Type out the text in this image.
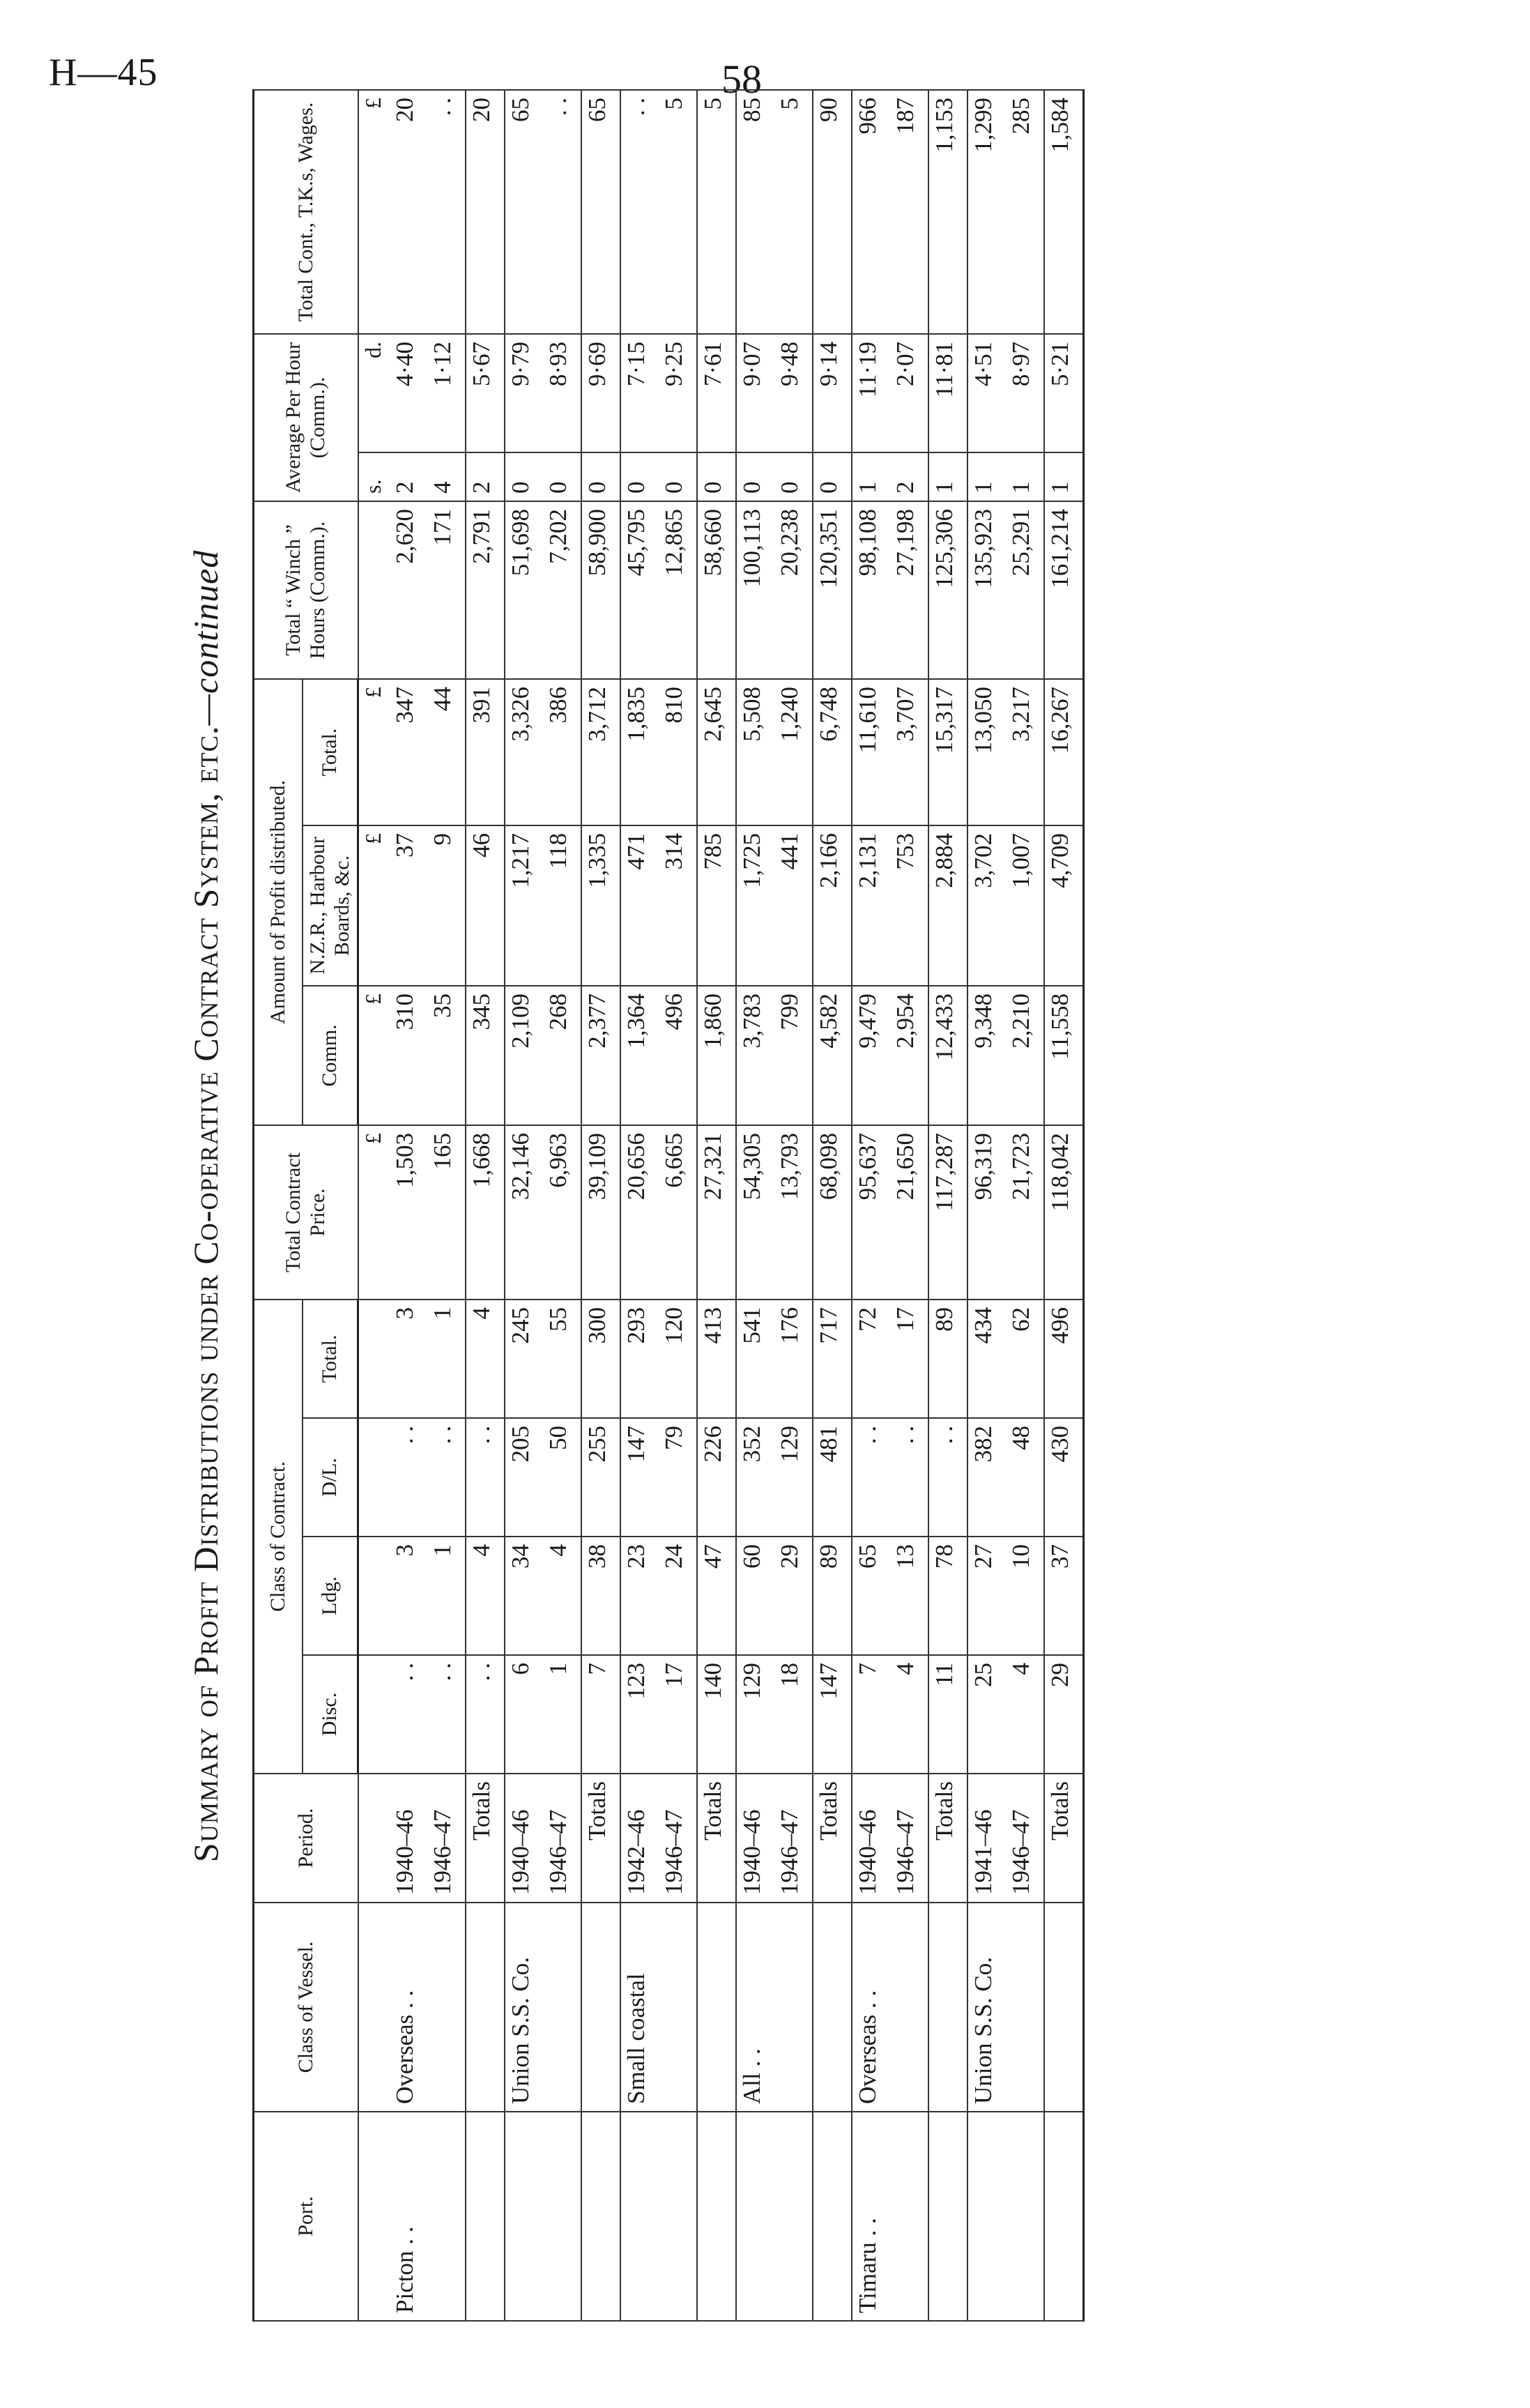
H—45	58
Summary of Profit Distributions under Co-operative Contract System, etc.—continued
Port.	Class of Vessel.	Period.	Class of Contract.				Total Contract Price.	Amount of Profit distributed.			Total “ Winch ” Hours (Comm.).	Average Per Hour (Comm.).		Total Cont., T.K.s, Wages.
			Disc.	Ldg.	D/L.	Total.		Comm.	N.Z.R., Harbour Boards, &c.	Total.				
							£	£	£	£		s.	d.	£
Picton . .	Overseas . .	1940–46	. .	3	. .	3	1,503	310	37	347	2,620	2	4·40	20
		1946–47	. .	1	. .	1	165	35	9	44	171	4	1·12	. .
		Totals	. .	4	. .	4	1,668	345	46	391	2,791	2	5·67	20
	Union S.S. Co.	1940–46	6	34	205	245	32,146	2,109	1,217	3,326	51,698	0	9·79	65
		1946–47	1	4	50	55	6,963	268	118	386	7,202	0	8·93	. .
		Totals	7	38	255	300	39,109	2,377	1,335	3,712	58,900	0	9·69	65
	Small coastal	1942–46	123	23	147	293	20,656	1,364	471	1,835	45,795	0	7·15	. .
		1946–47	17	24	79	120	6,665	496	314	810	12,865	0	9·25	5
		Totals	140	47	226	413	27,321	1,860	785	2,645	58,660	0	7·61	5
	All . .	1940–46	129	60	352	541	54,305	3,783	1,725	5,508	100,113	0	9·07	85
		1946–47	18	29	129	176	13,793	799	441	1,240	20,238	0	9·48	5
		Totals	147	89	481	717	68,098	4,582	2,166	6,748	120,351	0	9·14	90
Timaru . .	Overseas . .	1940–46	7	65	. .	72	95,637	9,479	2,131	11,610	98,108	1	11·19	966
		1946–47	4	13	. .	17	21,650	2,954	753	3,707	27,198	2	2·07	187
		Totals	11	78	. .	89	117,287	12,433	2,884	15,317	125,306	1	11·81	1,153
	Union S.S. Co.	1941–46	25	27	382	434	96,319	9,348	3,702	13,050	135,923	1	4·51	1,299
		1946–47	4	10	48	62	21,723	2,210	1,007	3,217	25,291	1	8·97	285
		Totals	29	37	430	496	118,042	11,558	4,709	16,267	161,214	1	5·21	1,584
